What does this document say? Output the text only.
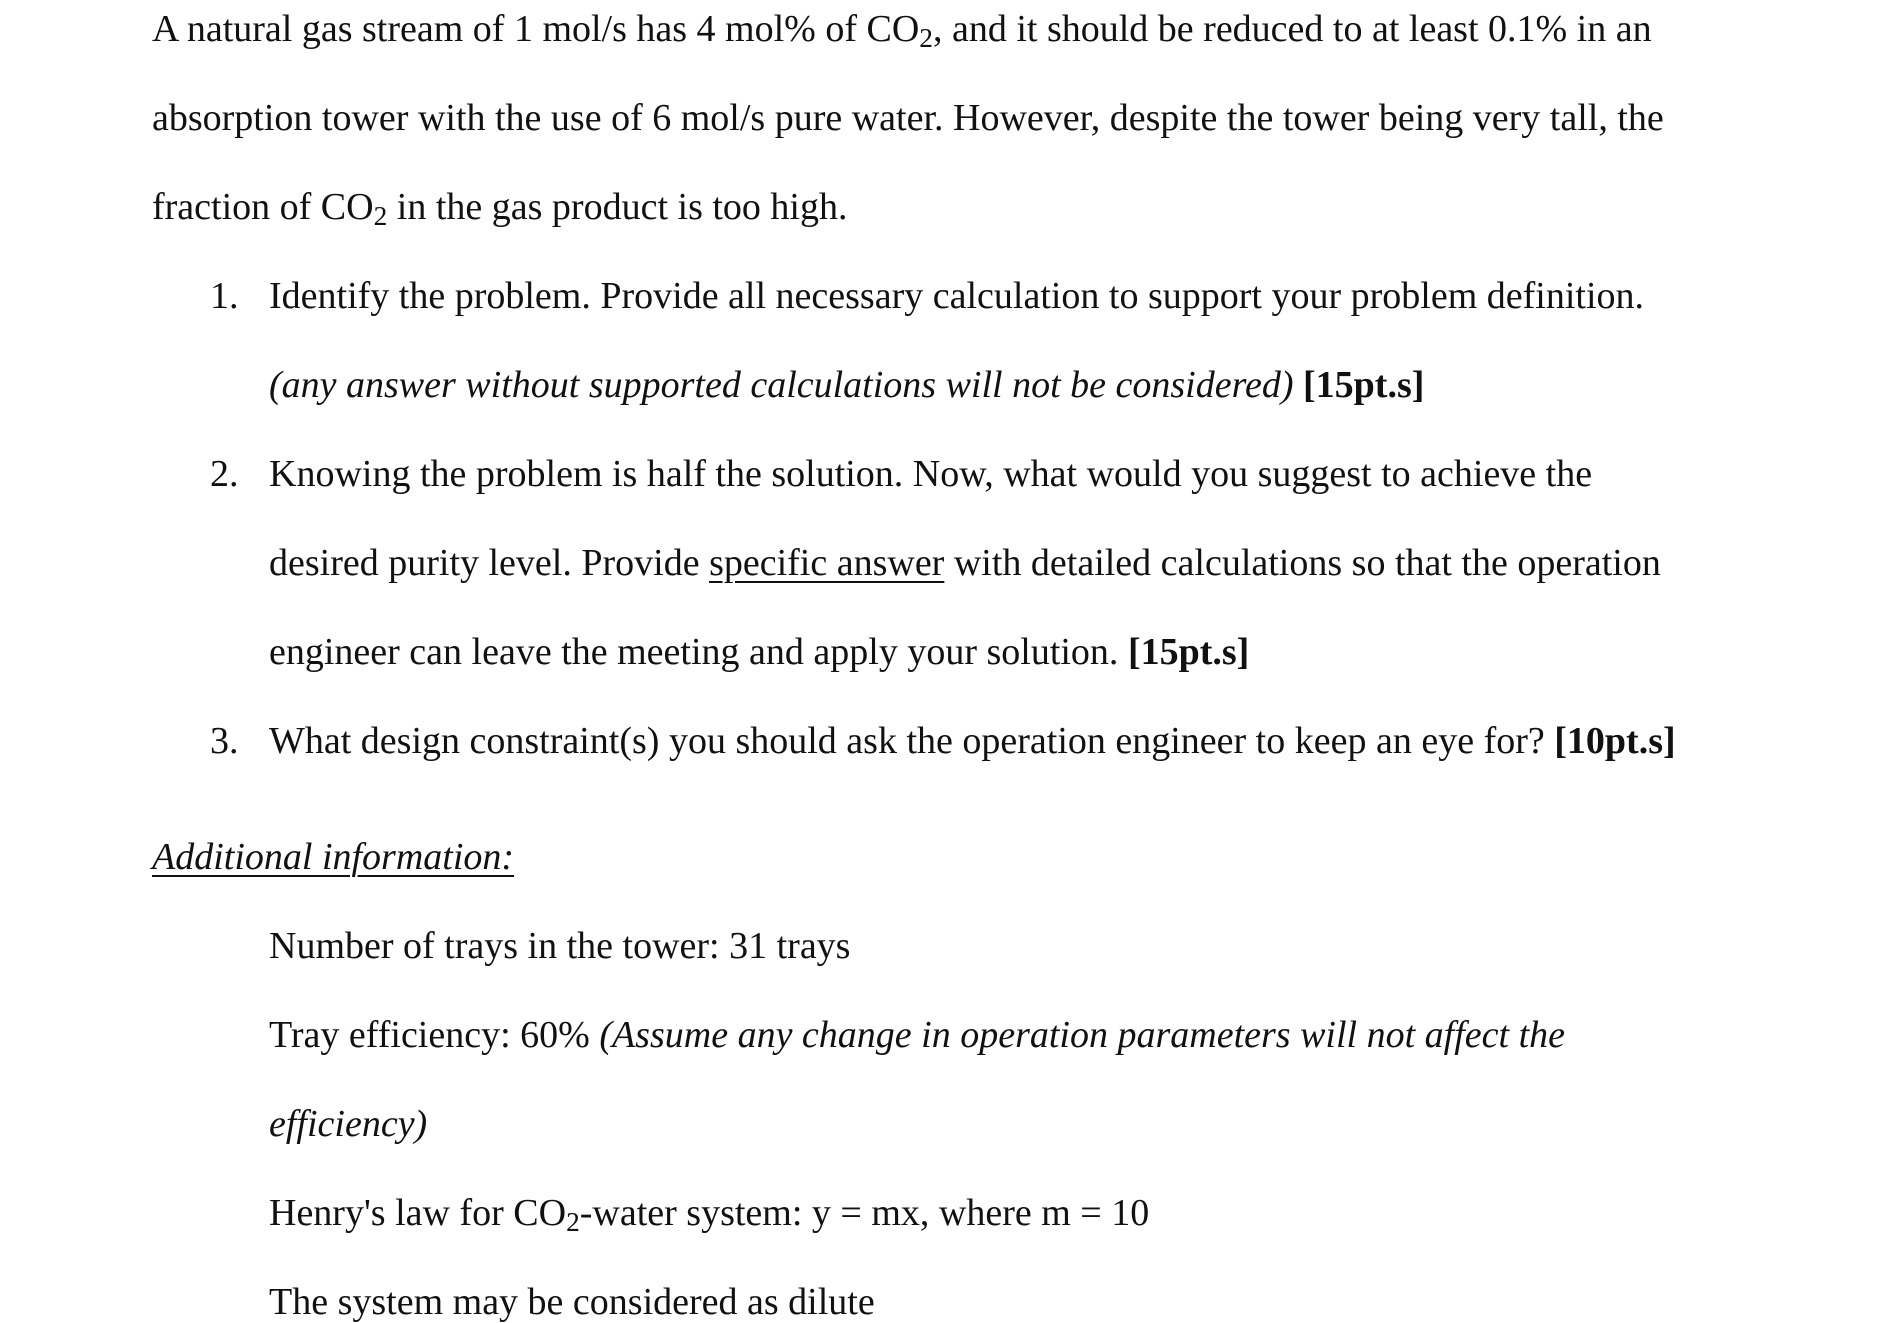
A natural gas stream of 1 mol/s has 4 mol% of $CO_2$, and it should be reduced to at least 0.1% in an
absorption tower with the use of 6 mol/s pure water. However, despite the tower being very tall, the
fraction of $CO_2$ in the gas product is too high.
1. Identify the problem. Provide all necessary calculation to support your problem definition.
(any answer without supported calculations will not be considered) [15pt.s]
2. Knowing the problem is half the solution. Now, what would you suggest to achieve the
desired purity level. Provide specific answer with detailed calculations so that the operation
engineer can leave the meeting and apply your solution. [15pt.s]
3. What design constraint(s) you should ask the operation engineer to keep an eye for? [10pt.s]
Additional information:
Number of trays in the tower: 31 trays
Tray efficiency: 60% (Assume any change in operation parameters will not affect the
efficiency)
Henry's law for $CO_2$-water system: y = mx, where m = 10
The system may be considered as dilute
